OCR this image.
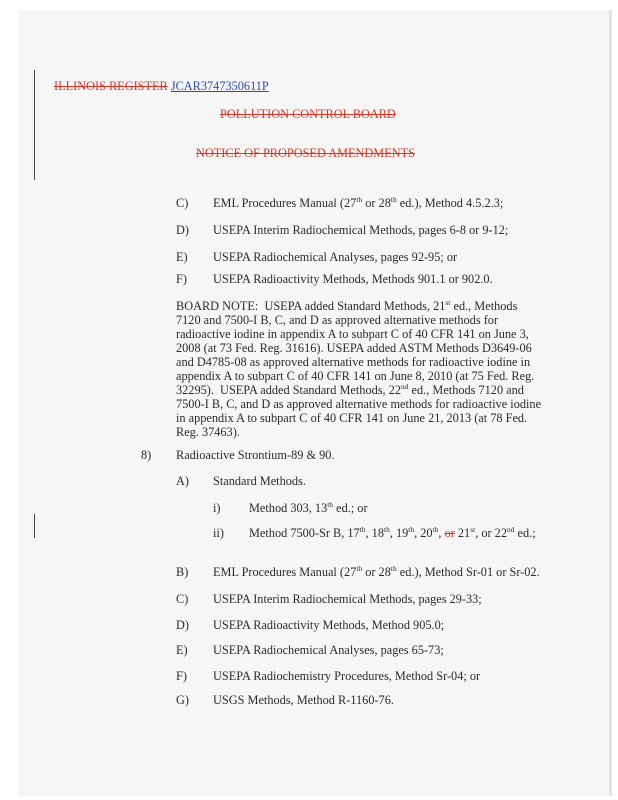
ILLINOIS REGISTER JCAR3747350611P
POLLUTION CONTROL BOARD
NOTICE OF PROPOSED AMENDMENTS
C) EML Procedures Manual (27th or 28th ed.), Method 4.5.2.3;
D) USEPA Interim Radiochemical Methods, pages 6-8 or 9-12;
E) USEPA Radiochemical Analyses, pages 92-95; or
F) USEPA Radioactivity Methods, Methods 901.1 or 902.0.
BOARD NOTE:  USEPA added Standard Methods, 21st ed., Methods
7120 and 7500-I B, C, and D as approved alternative methods for
radioactive iodine in appendix A to subpart C of 40 CFR 141 on June 3,
2008 (at 73 Fed. Reg. 31616). USEPA added ASTM Methods D3649-06
and D4785-08 as approved alternative methods for radioactive iodine in
appendix A to subpart C of 40 CFR 141 on June 8, 2010 (at 75 Fed. Reg.
32295).  USEPA added Standard Methods, 22nd ed., Methods 7120 and
7500-I B, C, and D as approved alternative methods for radioactive iodine
in appendix A to subpart C of 40 CFR 141 on June 21, 2013 (at 78 Fed.
Reg. 37463).
8) Radioactive Strontium-89 & 90.
A) Standard Methods.
i) Method 303, 13th ed.; or
ii) Method 7500-Sr B, 17th, 18th, 19th, 20th, or 21st, or 22nd ed.;
B) EML Procedures Manual (27th or 28th ed.), Method Sr-01 or Sr-02.
C) USEPA Interim Radiochemical Methods, pages 29-33;
D) USEPA Radioactivity Methods, Method 905.0;
E) USEPA Radiochemical Analyses, pages 65-73;
F) USEPA Radiochemistry Procedures, Method Sr-04; or
G) USGS Methods, Method R-1160-76.
